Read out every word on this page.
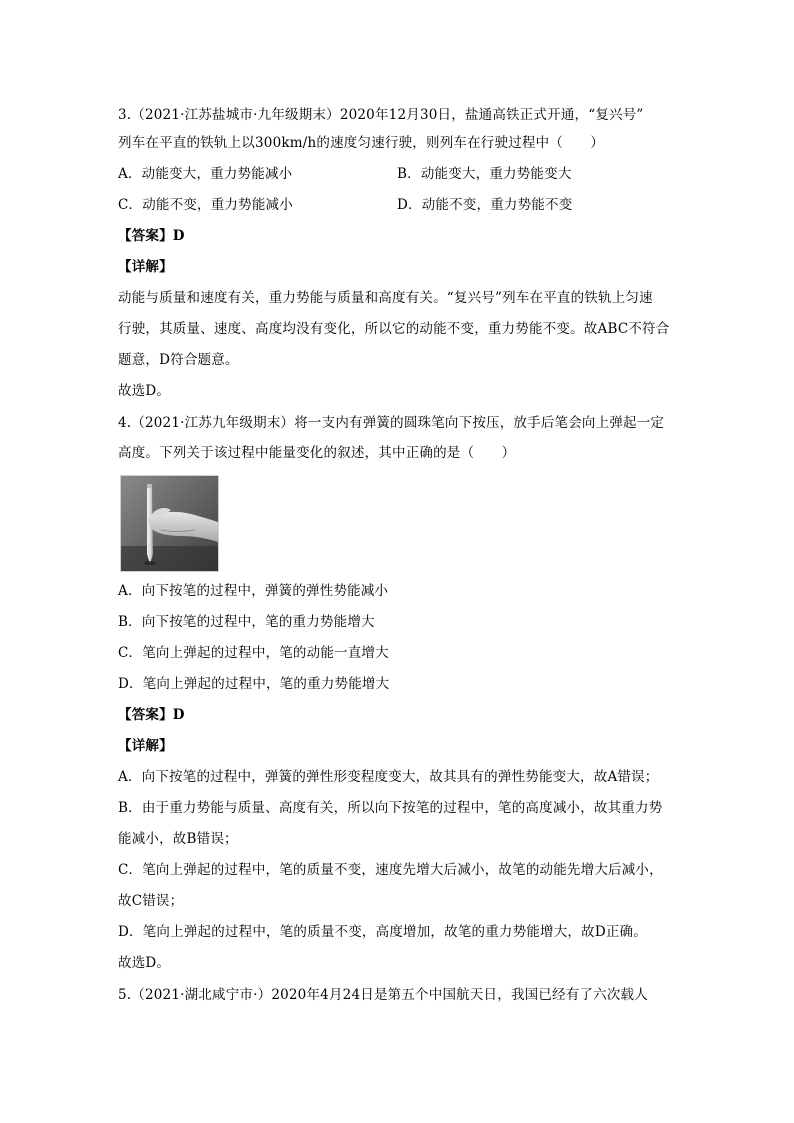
3.（2021·江苏盐城市·九年级期末）2020年12月30日，盐通高铁正式开通，“复兴号”
列车在平直的铁轨上以300km/h的速度匀速行驶，则列车在行驶过程中（　　）
A．动能变大，重力势能减小	B．动能变大，重力势能变大
C．动能不变，重力势能减小	D．动能不变，重力势能不变
【答案】D
【详解】
动能与质量和速度有关，重力势能与质量和高度有关。“复兴号”列车在平直的铁轨上匀速
行驶，其质量、速度、高度均没有变化，所以它的动能不变，重力势能不变。故ABC不符合
题意，D符合题意。
故选D。
4.（2021·江苏九年级期末）将一支内有弹簧的圆珠笔向下按压，放手后笔会向上弹起一定
高度。下列关于该过程中能量变化的叙述，其中正确的是（　　）
A．向下按笔的过程中，弹簧的弹性势能减小
B．向下按笔的过程中，笔的重力势能增大
C．笔向上弹起的过程中，笔的动能一直增大
D．笔向上弹起的过程中，笔的重力势能增大
【答案】D
【详解】
A．向下按笔的过程中，弹簧的弹性形变程度变大，故其具有的弹性势能变大，故A错误；
B．由于重力势能与质量、高度有关，所以向下按笔的过程中，笔的高度减小，故其重力势
能减小，故B错误；
C．笔向上弹起的过程中，笔的质量不变，速度先增大后减小，故笔的动能先增大后减小，
故C错误；
D．笔向上弹起的过程中，笔的质量不变，高度增加，故笔的重力势能增大，故D正确。
故选D。
5.（2021·湖北咸宁市·）2020年4月24日是第五个中国航天日，我国已经有了六次载人
